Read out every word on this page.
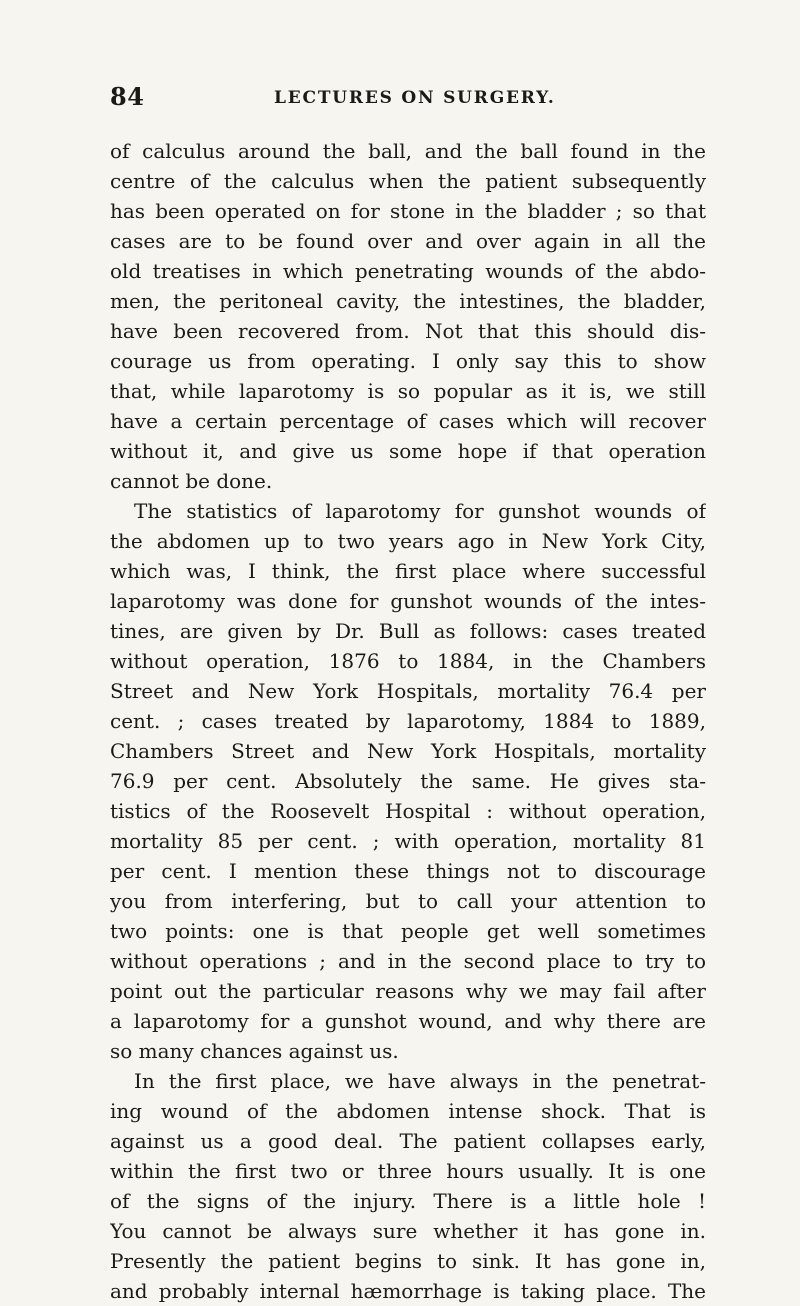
84	LECTURES ON SURGERY.
of calculus around the ball, and the ball found in the
centre of the calculus when the patient subsequently
has been operated on for stone in the bladder ; so that
cases are to be found over and over again in all the
old treatises in which penetrating wounds of the abdo-
men, the peritoneal cavity, the intestines, the bladder,
have been recovered from. Not that this should dis-
courage us from operating. I only say this to show
that, while laparotomy is so popular as it is, we still
have a certain percentage of cases which will recover
without it, and give us some hope if that operation
cannot be done.
The statistics of laparotomy for gunshot wounds of
the abdomen up to two years ago in New York City,
which was, I think, the first place where successful
laparotomy was done for gunshot wounds of the intes-
tines, are given by Dr. Bull as follows: cases treated
without operation, 1876 to 1884, in the Chambers
Street and New York Hospitals, mortality 76.4 per
cent. ; cases treated by laparotomy, 1884 to 1889,
Chambers Street and New York Hospitals, mortality
76.9 per cent. Absolutely the same. He gives sta-
tistics of the Roosevelt Hospital : without operation,
mortality 85 per cent. ; with operation, mortality 81
per cent. I mention these things not to discourage
you from interfering, but to call your attention to
two points: one is that people get well sometimes
without operations ; and in the second place to try to
point out the particular reasons why we may fail after
a laparotomy for a gunshot wound, and why there are
so many chances against us.
In the first place, we have always in the penetrat-
ing wound of the abdomen intense shock. That is
against us a good deal. The patient collapses early,
within the first two or three hours usually. It is one
of the signs of the injury. There is a little hole !
You cannot be always sure whether it has gone in.
Presently the patient begins to sink. It has gone in,
and probably internal hæmorrhage is taking place. The
